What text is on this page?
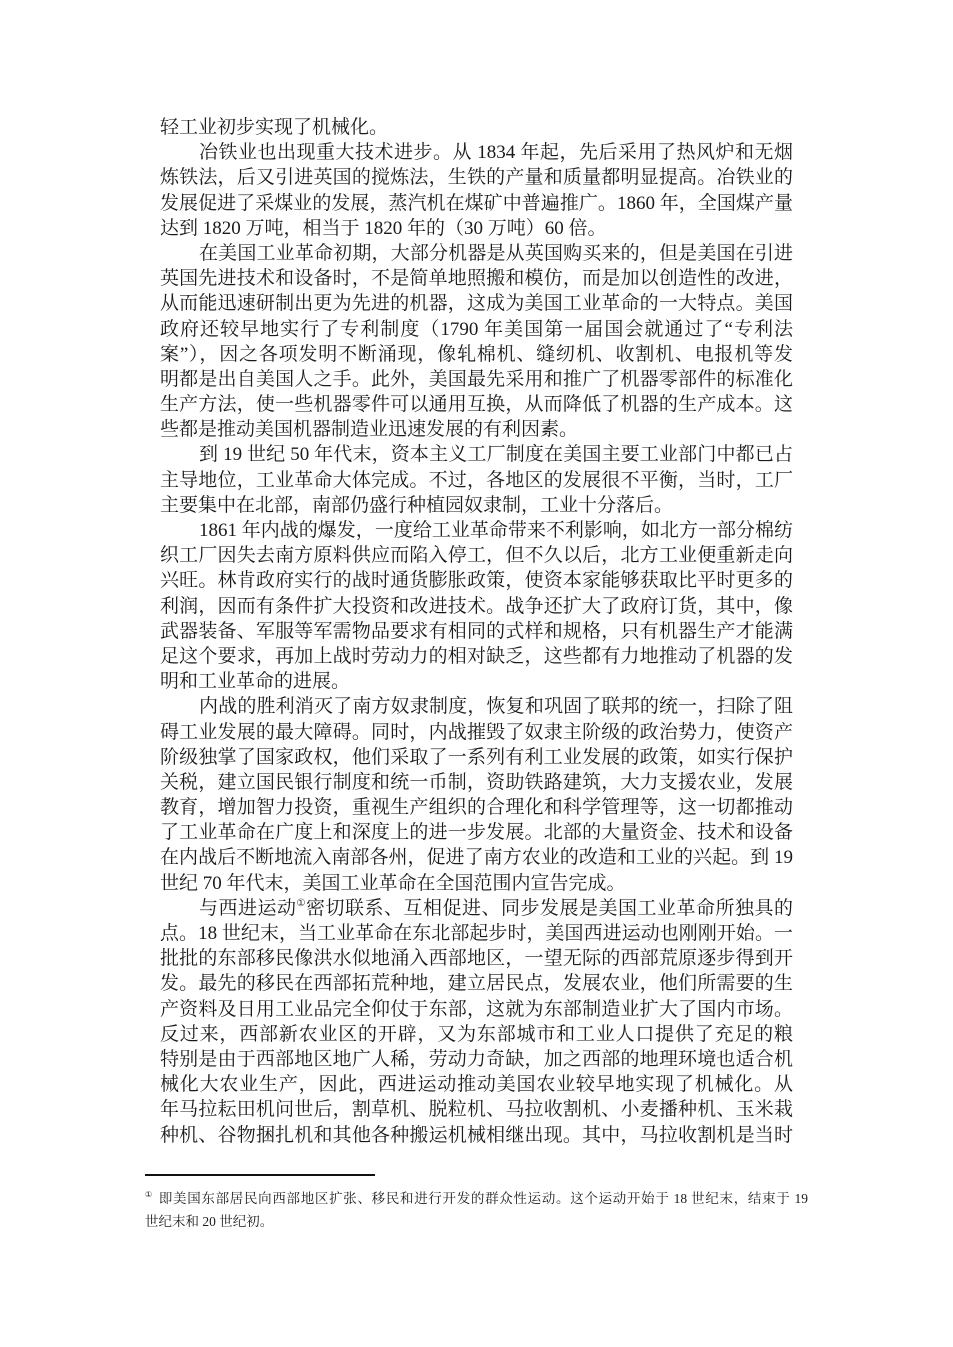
轻工业初步实现了机械化。
冶铁业也出现重大技术进步。从 1834 年起，先后采用了热风炉和无烟
炼铁法，后又引进英国的搅炼法，生铁的产量和质量都明显提高。冶铁业的
发展促进了采煤业的发展，蒸汽机在煤矿中普遍推广。1860 年，全国煤产量
达到 1820 万吨，相当于 1820 年的（30 万吨）60 倍。
在美国工业革命初期，大部分机器是从英国购买来的，但是美国在引进
英国先进技术和设备时，不是简单地照搬和模仿，而是加以创造性的改进，
从而能迅速研制出更为先进的机器，这成为美国工业革命的一大特点。美国
政府还较早地实行了专利制度（1790 年美国第一届国会就通过了“专利法
案”），因之各项发明不断涌现，像轧棉机、缝纫机、收割机、电报机等发
明都是出自美国人之手。此外，美国最先采用和推广了机器零部件的标准化
生产方法，使一些机器零件可以通用互换，从而降低了机器的生产成本。这
些都是推动美国机器制造业迅速发展的有利因素。
到 19 世纪 50 年代末，资本主义工厂制度在美国主要工业部门中都已占
主导地位，工业革命大体完成。不过，各地区的发展很不平衡，当时，工厂
主要集中在北部，南部仍盛行种植园奴隶制，工业十分落后。
1861 年内战的爆发，一度给工业革命带来不利影响，如北方一部分棉纺
织工厂因失去南方原料供应而陷入停工，但不久以后，北方工业便重新走向
兴旺。林肯政府实行的战时通货膨胀政策，使资本家能够获取比平时更多的
利润，因而有条件扩大投资和改进技术。战争还扩大了政府订货，其中，像
武器装备、军服等军需物品要求有相同的式样和规格，只有机器生产才能满
足这个要求，再加上战时劳动力的相对缺乏，这些都有力地推动了机器的发
明和工业革命的进展。
内战的胜利消灭了南方奴隶制度，恢复和巩固了联邦的统一，扫除了阻
碍工业发展的最大障碍。同时，内战摧毁了奴隶主阶级的政治势力，使资产
阶级独掌了国家政权，他们采取了一系列有利工业发展的政策，如实行保护
关税，建立国民银行制度和统一币制，资助铁路建筑，大力支援农业，发展
教育，增加智力投资，重视生产组织的合理化和科学管理等，这一切都推动
了工业革命在广度上和深度上的进一步发展。北部的大量资金、技术和设备
在内战后不断地流入南部各州，促进了南方农业的改造和工业的兴起。到 19
世纪 70 年代末，美国工业革命在全国范围内宣告完成。
与西进运动①密切联系、互相促进、同步发展是美国工业革命所独具的
点。18 世纪末，当工业革命在东北部起步时，美国西进运动也刚刚开始。一
批批的东部移民像洪水似地涌入西部地区，一望无际的西部荒原逐步得到开
发。最先的移民在西部拓荒种地，建立居民点，发展农业，他们所需要的生
产资料及日用工业品完全仰仗于东部，这就为东部制造业扩大了国内市场。
反过来，西部新农业区的开辟，又为东部城市和工业人口提供了充足的粮
特别是由于西部地区地广人稀，劳动力奇缺，加之西部的地理环境也适合机
械化大农业生产，因此，西进运动推动美国农业较早地实现了机械化。从
年马拉耘田机问世后，割草机、脱粒机、马拉收割机、小麦播种机、玉米栽
种机、谷物捆扎机和其他各种搬运机械相继出现。其中，马拉收割机是当时
① 即美国东部居民向西部地区扩张、移民和进行开发的群众性运动。这个运动开始于 18 世纪末，结束于 19
世纪末和 20 世纪初。
